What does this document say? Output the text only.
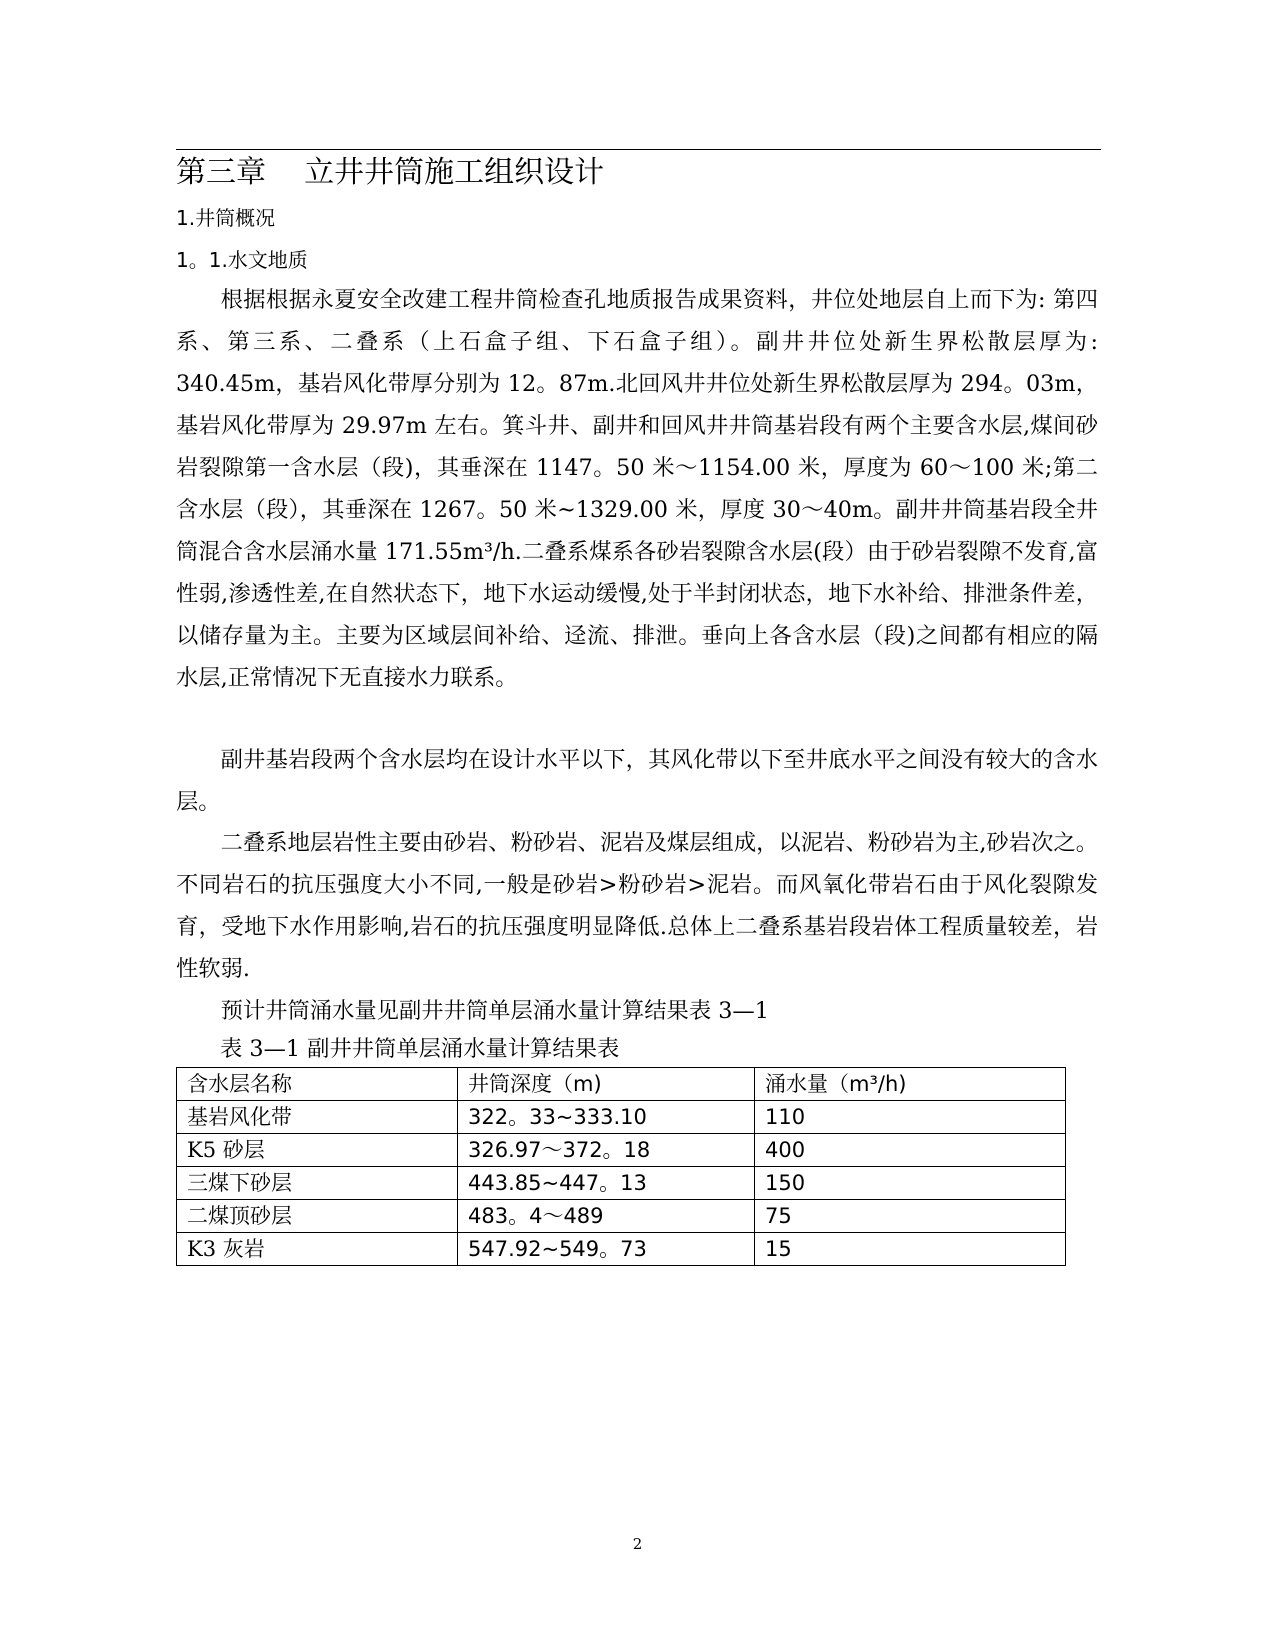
第三章    立井井筒施工组织设计
1.井筒概况
1。1.水文地质

根据根据永夏安全改建工程井筒检查孔地质报告成果资料，井位处地层自上而下为: 第四系、第三系、二叠系（上石盒子组、下石盒子组）。副井井位处新生界松散层厚为: 340.45m，基岩风化带厚分别为 12。87m.北回风井井位处新生界松散层厚为 294。03m，基岩风化带厚为 29.97m 左右。箕斗井、副井和回风井井筒基岩段有两个主要含水层,煤间砂岩裂隙第一含水层（段)，其垂深在 1147。50 米～1154.00 米，厚度为 60～100 米;第二含水层（段），其垂深在 1267。50 米~1329.00 米，厚度 30～40m。副井井筒基岩段全井筒混合含水层涌水量 171.55m³/h.二叠系煤系各砂岩裂隙含水层(段）由于砂岩裂隙不发育,富性弱,渗透性差,在自然状态下，地下水运动缓慢,处于半封闭状态，地下水补给、排泄条件差，以储存量为主。主要为区域层间补给、迳流、排泄。垂向上各含水层（段)之间都有相应的隔水层,正常情况下无直接水力联系。

副井基岩段两个含水层均在设计水平以下，其风化带以下至井底水平之间没有较大的含水层。

二叠系地层岩性主要由砂岩、粉砂岩、泥岩及煤层组成，以泥岩、粉砂岩为主,砂岩次之。不同岩石的抗压强度大小不同,一般是砂岩>粉砂岩>泥岩。而风氧化带岩石由于风化裂隙发育，受地下水作用影响,岩石的抗压强度明显降低.总体上二叠系基岩段岩体工程质量较差，岩性软弱.

预计井筒涌水量见副井井筒单层涌水量计算结果表 3—1

表 3—1 副井井筒单层涌水量计算结果表
含水层名称	井筒深度（m)	涌水量（m³/h)
基岩风化带	322。33~333.10	110
K5 砂层	326.97～372。18	400
三煤下砂层	443.85~447。13	150
二煤顶砂层	483。4～489	75
K3 灰岩	547.92~549。73	15
2
